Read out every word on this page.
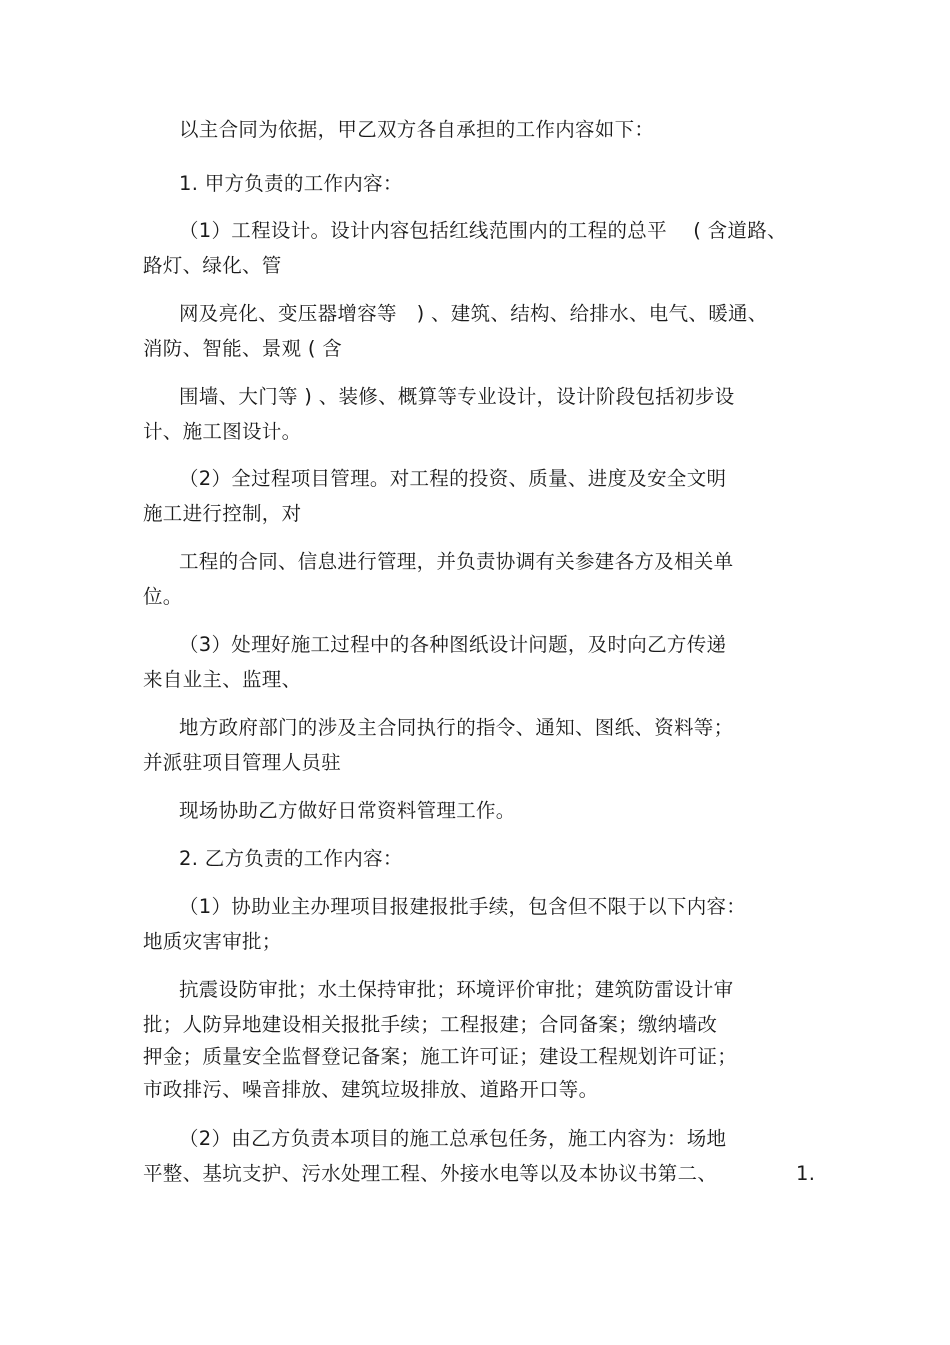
以主合同为依据，甲乙双方各自承担的工作内容如下：
1. 甲方负责的工作内容：
（1）工程设计。设计内容包括红线范围内的工程的总平　 ( 含道路、
路灯、绿化、管
网及亮化、变压器增容等　) 、建筑、结构、给排水、电气、暖通、
消防、智能、景观 ( 含
围墙、大门等 ) 、装修、概算等专业设计，设计阶段包括初步设
计、施工图设计。
（2）全过程项目管理。对工程的投资、质量、进度及安全文明
施工进行控制，对
工程的合同、信息进行管理，并负责协调有关参建各方及相关单
位。
（3）处理好施工过程中的各种图纸设计问题，及时向乙方传递
来自业主、监理、
地方政府部门的涉及主合同执行的指令、通知、图纸、资料等；
并派驻项目管理人员驻
现场协助乙方做好日常资料管理工作。
2. 乙方负责的工作内容：
（1）协助业主办理项目报建报批手续，包含但不限于以下内容：
地质灾害审批；
抗震设防审批；水土保持审批；环境评价审批；建筑防雷设计审
批；人防异地建设相关报批手续；工程报建；合同备案；缴纳墙改
押金；质量安全监督登记备案；施工许可证；建设工程规划许可证；
市政排污、噪音排放、建筑垃圾排放、道路开口等。
（2）由乙方负责本项目的施工总承包任务，施工内容为：场地
平整、基坑支护、污水处理工程、外接水电等以及本协议书第二、	1.
